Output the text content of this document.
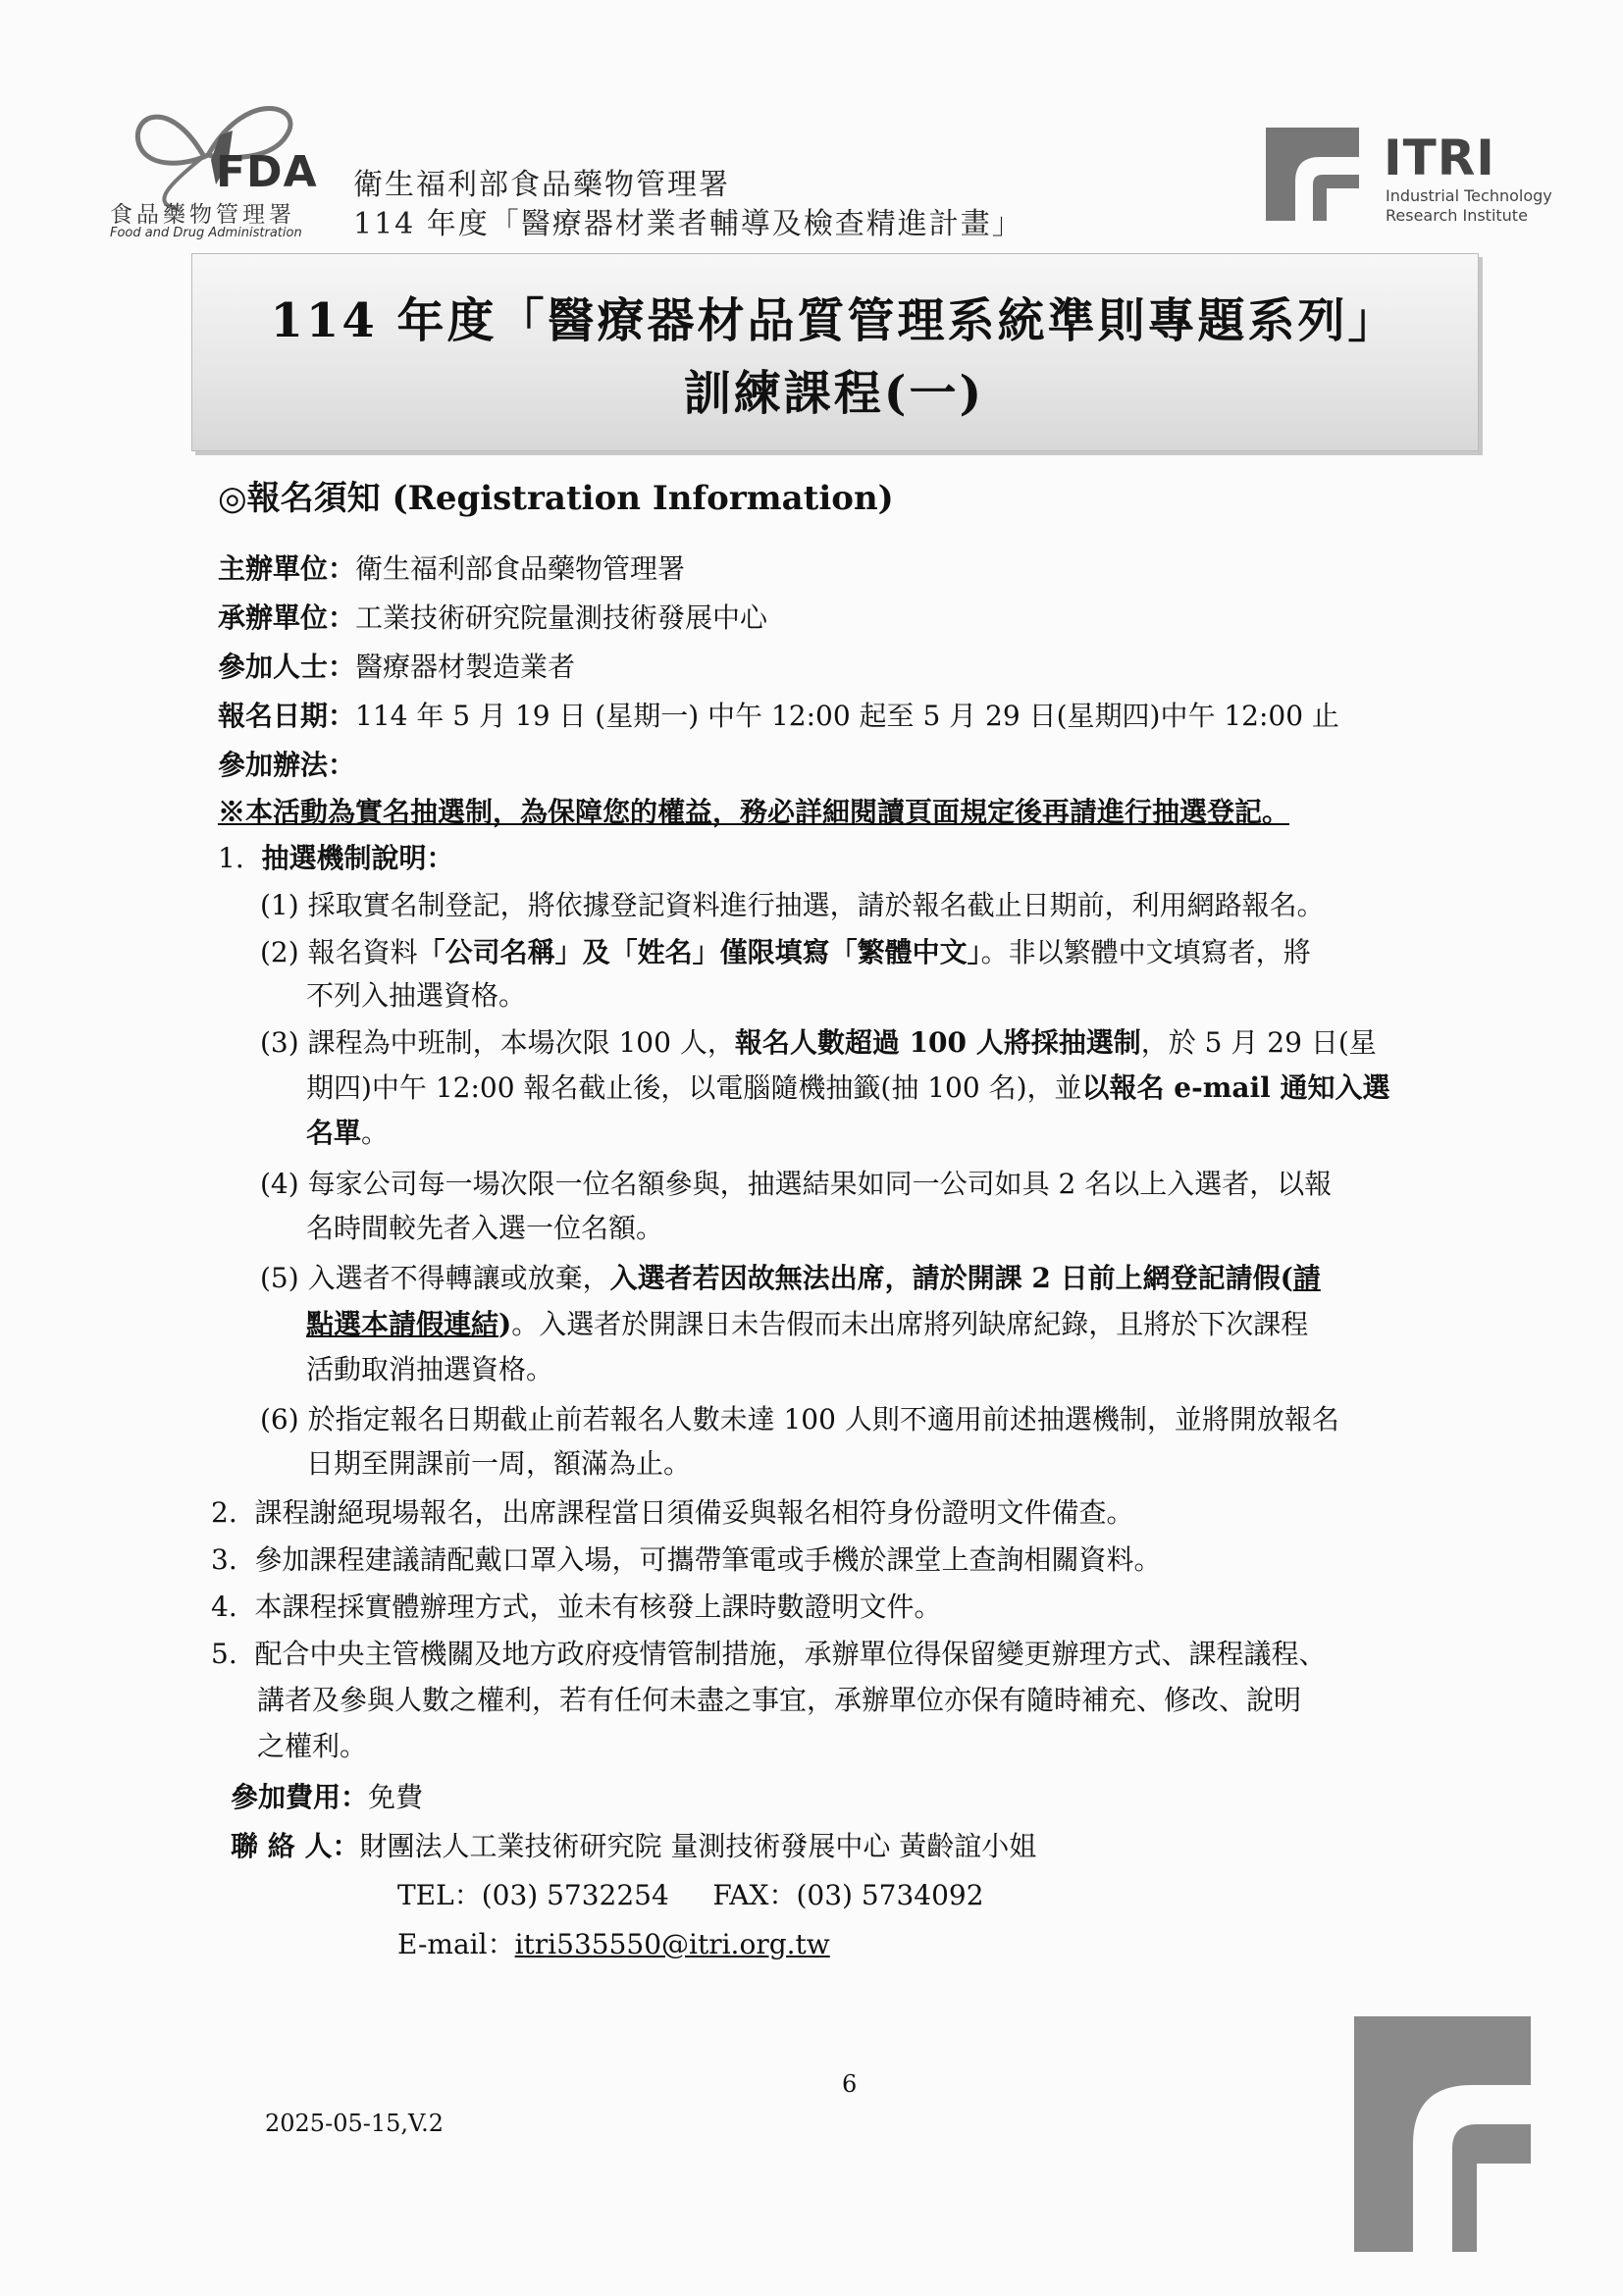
FDA
食品藥物管理署
Food and Drug Administration
衛生福利部食品藥物管理署
114 年度「醫療器材業者輔導及檢查精進計畫」
ITRI
Industrial Technology
Research Institute
114 年度「醫療器材品質管理系統準則專題系列」
訓練課程(一)
◎報名須知 (Registration Information)
主辦單位：衛生福利部食品藥物管理署
承辦單位：工業技術研究院量測技術發展中心
參加人士：醫療器材製造業者
報名日期：114 年 5 月 19 日 (星期一) 中午 12:00 起至 5 月 29 日(星期四)中午 12:00 止
參加辦法：
※本活動為實名抽選制，為保障您的權益，務必詳細閱讀頁面規定後再請進行抽選登記。
1. 抽選機制說明：
(1) 採取實名制登記，將依據登記資料進行抽選，請於報名截止日期前，利用網路報名。
(2) 報名資料「公司名稱」及「姓名」僅限填寫「繁體中文」。非以繁體中文填寫者，將
不列入抽選資格。
(3) 課程為中班制，本場次限 100 人，報名人數超過 100 人將採抽選制，於 5 月 29 日(星
期四)中午 12:00 報名截止後，以電腦隨機抽籤(抽 100 名)，並以報名 e-mail 通知入選
名單。
(4) 每家公司每一場次限一位名額參與，抽選結果如同一公司如具 2 名以上入選者，以報
名時間較先者入選一位名額。
(5) 入選者不得轉讓或放棄，入選者若因故無法出席，請於開課 2 日前上網登記請假(請
點選本請假連結)。入選者於開課日未告假而未出席將列缺席紀錄，且將於下次課程
活動取消抽選資格。
(6) 於指定報名日期截止前若報名人數未達 100 人則不適用前述抽選機制，並將開放報名
日期至開課前一周，額滿為止。
2. 課程謝絕現場報名，出席課程當日須備妥與報名相符身份證明文件備查。
3. 參加課程建議請配戴口罩入場，可攜帶筆電或手機於課堂上查詢相關資料。
4. 本課程採實體辦理方式，並未有核發上課時數證明文件。
5. 配合中央主管機關及地方政府疫情管制措施，承辦單位得保留變更辦理方式、課程議程、
講者及參與人數之權利，若有任何未盡之事宜，承辦單位亦保有隨時補充、修改、說明
之權利。
參加費用：免費
聯 絡 人：財團法人工業技術研究院 量測技術發展中心 黃齡誼小姐
TEL：(03) 5732254 FAX：(03) 5734092
E-mail：itri535550@itri.org.tw
6
2025-05-15,V.2
